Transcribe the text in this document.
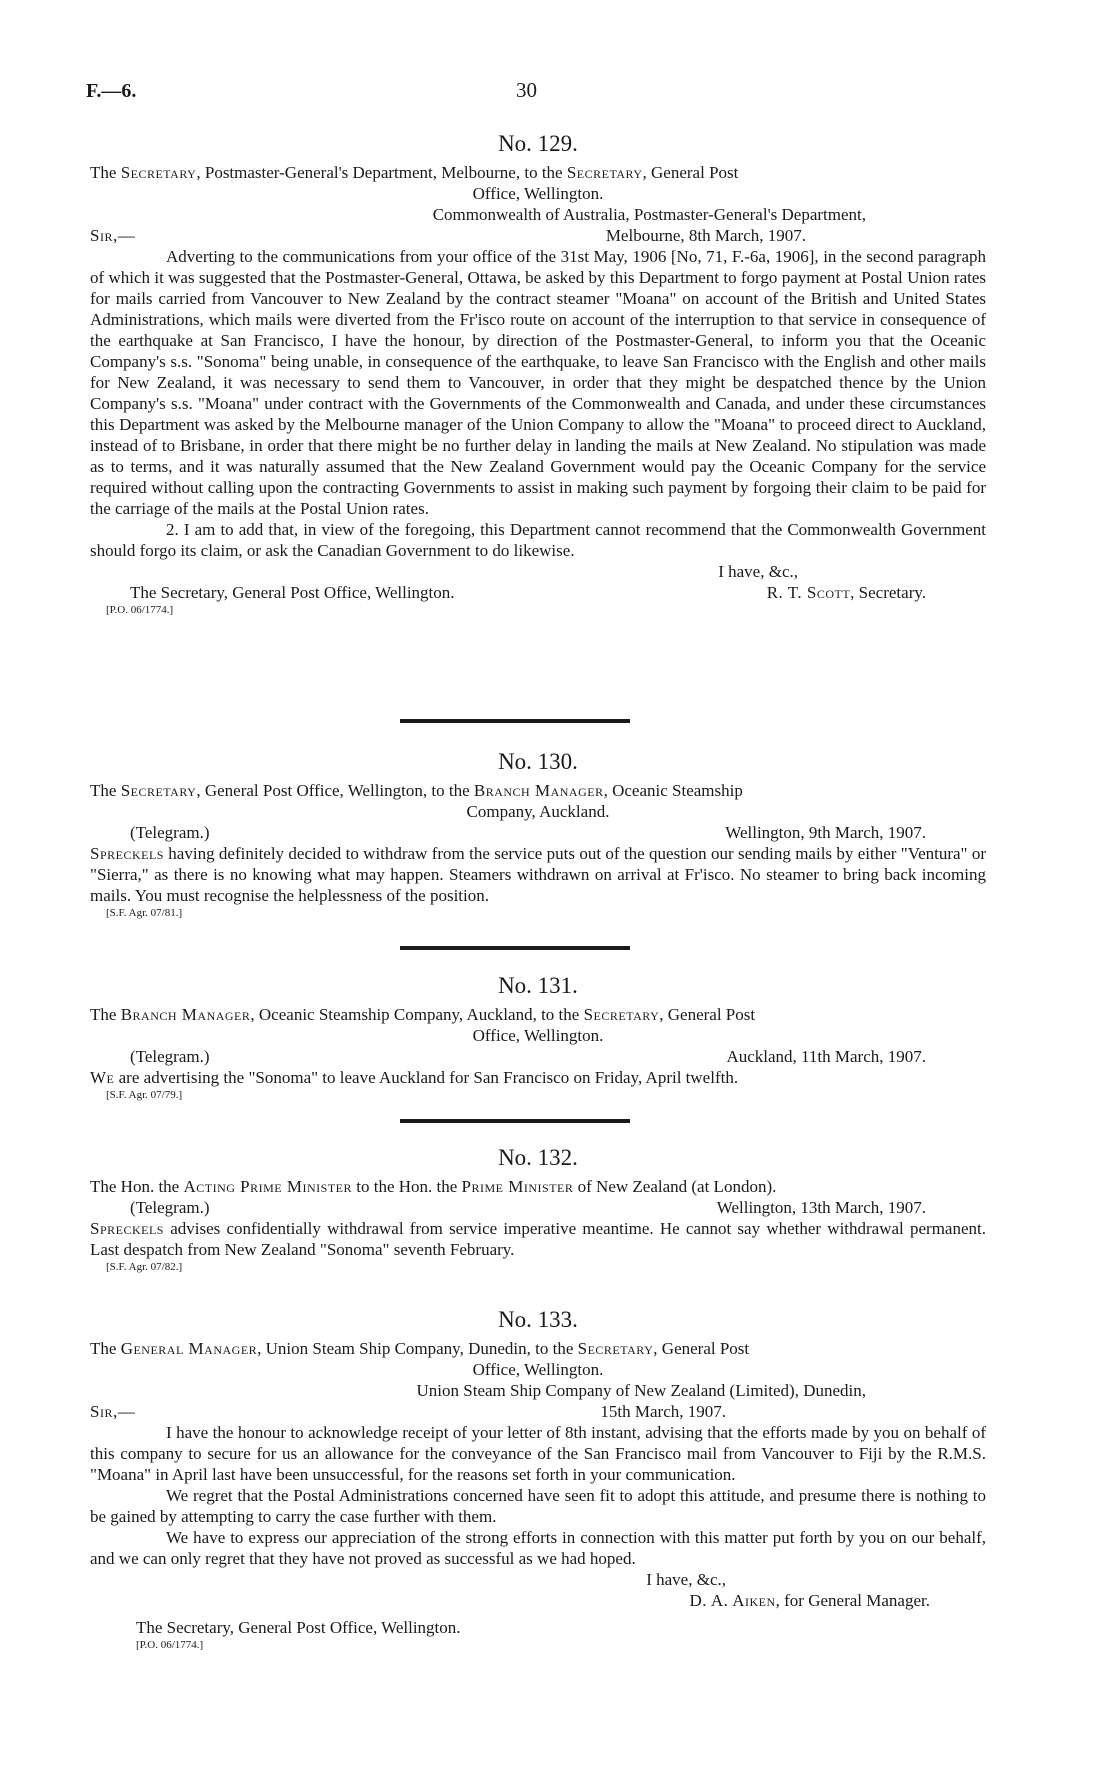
F.—6.	30
No. 129.
The Secretary, Postmaster-General's Department, Melbourne, to the Secretary, General Post
Office, Wellington.
Commonwealth of Australia, Postmaster-General's Department,
Sir,—	Melbourne, 8th March, 1907.
Adverting to the communications from your office of the 31st May, 1906 [No, 71, F.-6a, 1906], in the second paragraph of which it was suggested that the Postmaster-General, Ottawa, be asked by this Department to forgo payment at Postal Union rates for mails carried from Vancouver to New Zealand by the contract steamer "Moana" on account of the British and United States Administrations, which mails were diverted from the Fr'isco route on account of the interruption to that service in consequence of the earthquake at San Francisco, I have the honour, by direction of the Postmaster-General, to inform you that the Oceanic Company's s.s. "Sonoma" being unable, in consequence of the earthquake, to leave San Francisco with the English and other mails for New Zealand, it was necessary to send them to Vancouver, in order that they might be despatched thence by the Union Company's s.s. "Moana" under contract with the Governments of the Commonwealth and Canada, and under these circumstances this Department was asked by the Melbourne manager of the Union Company to allow the "Moana" to proceed direct to Auckland, instead of to Brisbane, in order that there might be no further delay in landing the mails at New Zealand. No stipulation was made as to terms, and it was naturally assumed that the New Zealand Government would pay the Oceanic Company for the service required without calling upon the contracting Governments to assist in making such payment by forgoing their claim to be paid for the carriage of the mails at the Postal Union rates.
2. I am to add that, in view of the foregoing, this Department cannot recommend that the Commonwealth Government should forgo its claim, or ask the Canadian Government to do likewise.
I have, &c.,
The Secretary, General Post Office, Wellington.	R. T. Scott, Secretary.
[P.O. 06/1774.]
No. 130.
The Secretary, General Post Office, Wellington, to the Branch Manager, Oceanic Steamship
Company, Auckland.
(Telegram.)	Wellington, 9th March, 1907.
Spreckels having definitely decided to withdraw from the service puts out of the question our sending mails by either "Ventura" or "Sierra," as there is no knowing what may happen. Steamers withdrawn on arrival at Fr'isco. No steamer to bring back incoming mails. You must recognise the helplessness of the position.
[S.F. Agr. 07/81.]
No. 131.
The Branch Manager, Oceanic Steamship Company, Auckland, to the Secretary, General Post
Office, Wellington.
(Telegram.)	Auckland, 11th March, 1907.
We are advertising the "Sonoma" to leave Auckland for San Francisco on Friday, April twelfth.
[S.F. Agr. 07/79.]
No. 132.
The Hon. the Acting Prime Minister to the Hon. the Prime Minister of New Zealand (at London).
(Telegram.)	Wellington, 13th March, 1907.
Spreckels advises confidentially withdrawal from service imperative meantime. He cannot say whether withdrawal permanent. Last despatch from New Zealand "Sonoma" seventh February.
[S.F. Agr. 07/82.]
No. 133.
The General Manager, Union Steam Ship Company, Dunedin, to the Secretary, General Post
Office, Wellington.
Union Steam Ship Company of New Zealand (Limited), Dunedin,
Sir,—	15th March, 1907.
I have the honour to acknowledge receipt of your letter of 8th instant, advising that the efforts made by you on behalf of this company to secure for us an allowance for the conveyance of the San Francisco mail from Vancouver to Fiji by the R.M.S. "Moana" in April last have been unsuccessful, for the reasons set forth in your communication.
We regret that the Postal Administrations concerned have seen fit to adopt this attitude, and presume there is nothing to be gained by attempting to carry the case further with them.
We have to express our appreciation of the strong efforts in connection with this matter put forth by you on our behalf, and we can only regret that they have not proved as successful as we had hoped.
I have, &c.,
D. A. Aiken, for General Manager.
The Secretary, General Post Office, Wellington.
[P.O. 06/1774.]
